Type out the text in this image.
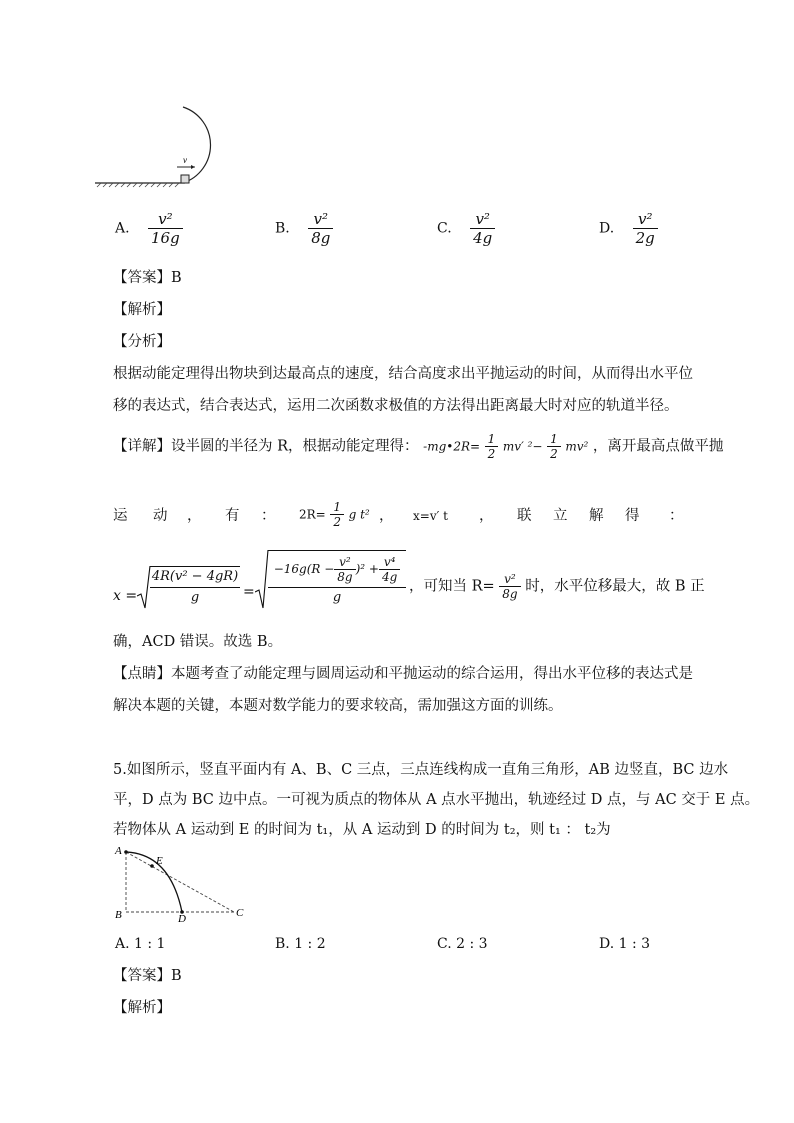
v
A. $\frac{\text{v²}}{16g}$	B. $\frac{\text{v²}}{8g}$	C. $\frac{\text{v²}}{4g}$	D. $\frac{\text{v²}}{2g}$
【答案】B
【解析】
【分析】
根据动能定理得出物块到达最高点的速度，结合高度求出平抛运动的时间，从而得出水平位
移的表达式，结合表达式，运用二次函数求极值的方法得出距离最大时对应的轨道半径。
【详解】设半圆的半径为 R，根据动能定理得： -mg•2R= $\frac{1}{2} mv'$ $^2- \frac{1}{2} mv^2$ ，离开最高点做平抛
运 动 ， 有 ： $2R= \frac{1}{2}$ g t² ， x=v′ t ， 联 立 解 得 ：
$x = \frac{\text{4R(v² − 4gR)}}{g} = \frac{-16g(R - \frac{\text{v²}}{8g} )^2 + \frac{\text{v⁴}}{4g}}{g}$ ，可知当 $R= \frac{\text{v²}}{8g}$ 时，水平位移最大，故 B 正
确，ACD 错误。故选 B。
【点睛】本题考查了动能定理与圆周运动和平抛运动的综合运用，得出水平位移的表达式是
解决本题的关键，本题对数学能力的要求较高，需加强这方面的训练。
5.如图所示，竖直平面内有 A、B、C 三点，三点连线构成一直角三角形，AB 边竖直，BC 边水
平，D 点为 BC 边中点。一可视为质点的物体从 A 点水平抛出，轨迹经过 D 点，与 AC 交于 E 点。
若物体从 A 运动到 E 的时间为 t₁，从 A 运动到 D 的时间为 t₂，则 t₁ ： t₂为
A
E
B	D	C
A. 1 : 1	B. 1 : 2	C. 2 : 3	D. 1 : 3
【答案】B
【解析】
